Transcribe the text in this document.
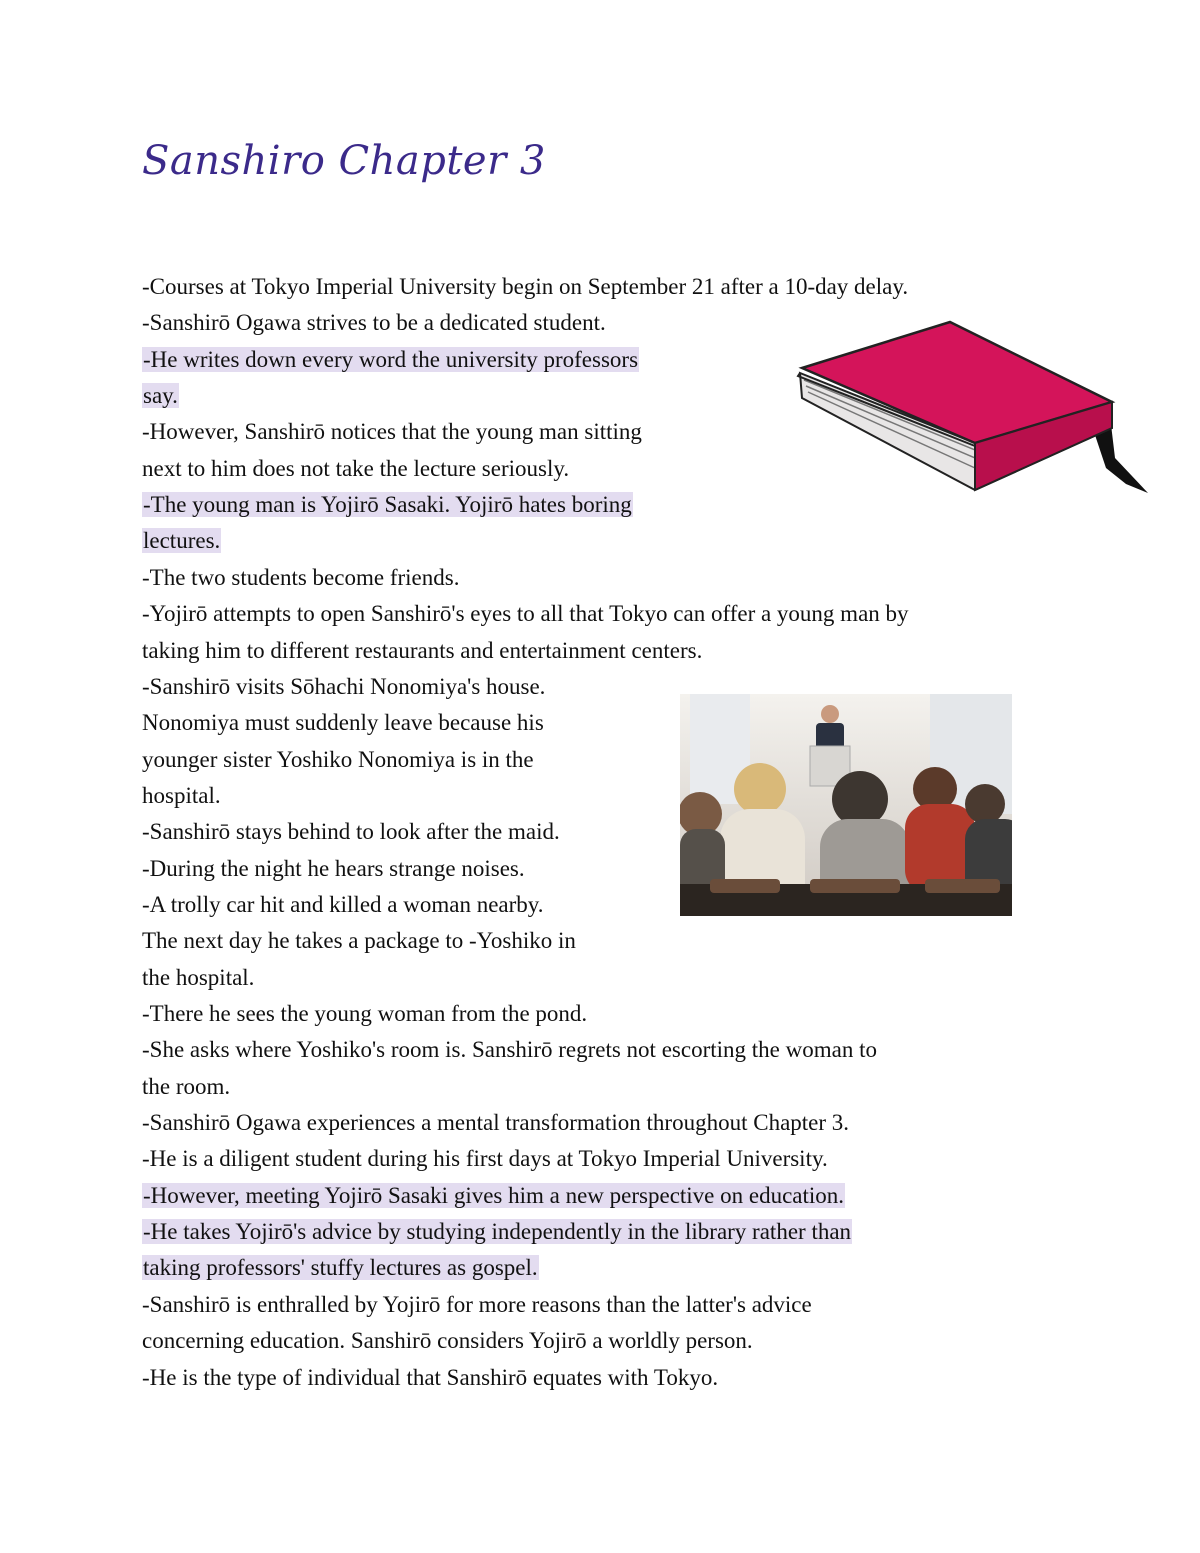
Sanshiro Chapter 3
-Courses at Tokyo Imperial University begin on September 21 after a 10-day delay.
-Sanshirō Ogawa strives to be a dedicated student.
-He writes down every word the university professors
say.
-However, Sanshirō notices that the young man sitting
next to him does not take the lecture seriously.
-The young man is Yojirō Sasaki. Yojirō hates boring
lectures.
-The two students become friends.
-Yojirō attempts to open Sanshirō's eyes to all that Tokyo can offer a young man by
taking him to different restaurants and entertainment centers.
-Sanshirō visits Sōhachi Nonomiya's house.
Nonomiya must suddenly leave because his
younger sister Yoshiko Nonomiya is in the
hospital.
-Sanshirō stays behind to look after the maid.
-During the night he hears strange noises.
-A trolly car hit and killed a woman nearby.
The next day he takes a package to -Yoshiko in
the hospital.
-There he sees the young woman from the pond.
-She asks where Yoshiko's room is. Sanshirō regrets not escorting the woman to
the room.
-Sanshirō Ogawa experiences a mental transformation throughout Chapter 3.
-He is a diligent student during his first days at Tokyo Imperial University.
-However, meeting Yojirō Sasaki gives him a new perspective on education.
-He takes Yojirō's advice by studying independently in the library rather than
taking professors' stuffy lectures as gospel.
-Sanshirō is enthralled by Yojirō for more reasons than the latter's advice
concerning education. Sanshirō considers Yojirō a worldly person.
-He is the type of individual that Sanshirō equates with Tokyo.
